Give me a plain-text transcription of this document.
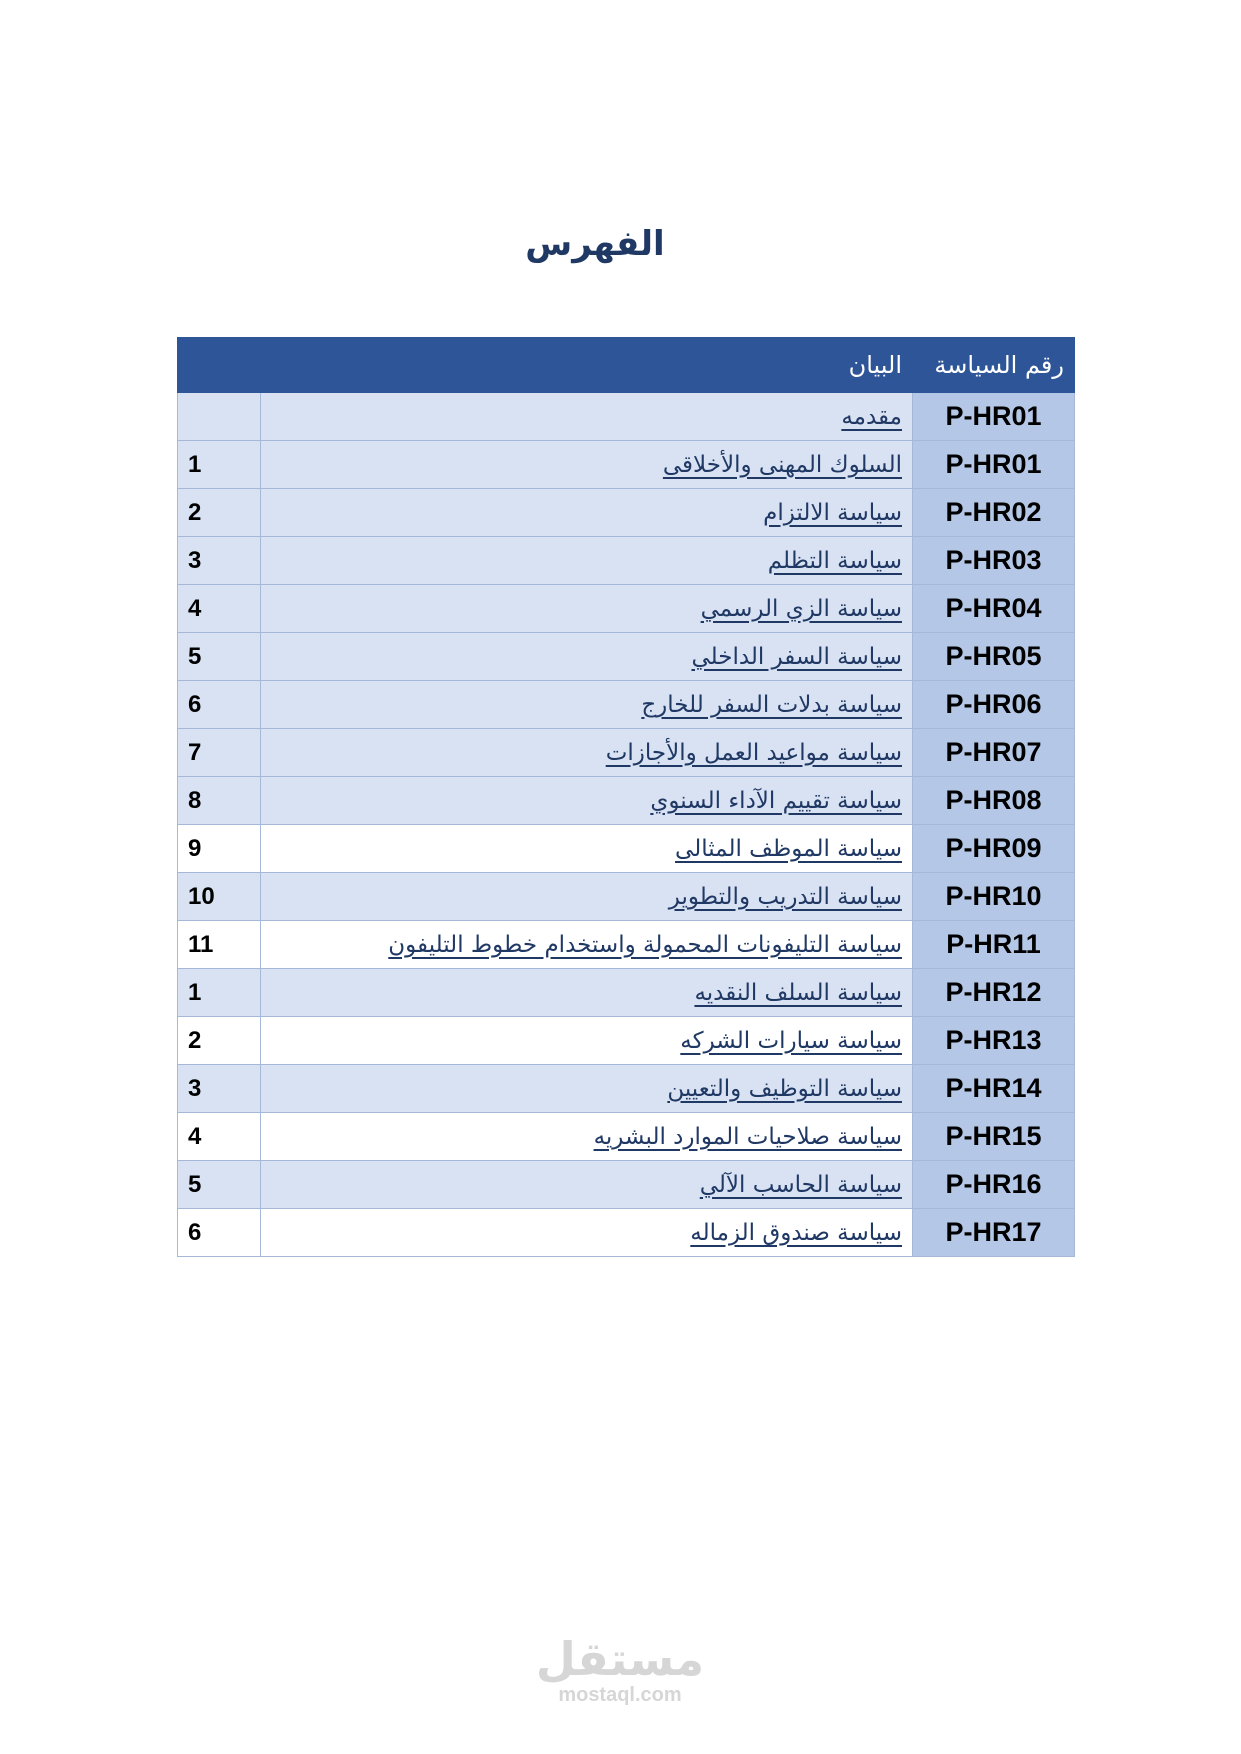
الفهرس
رقم السياسة	البيان	
P-HR01	مقدمه	
P-HR01	السلوك المهنى والأخلاقى	1
P-HR02	سياسة الالتزام	2
P-HR03	سياسة التظلم	3
P-HR04	سياسة الزي الرسمي	4
P-HR05	سياسة السفر الداخلي	5
P-HR06	سياسة بدلات السفر للخارج	6
P-HR07	سياسة مواعيد العمل والأجازات	7
P-HR08	سياسة تقييم الآداء السنوي	8
P-HR09	سياسة الموظف المثالى	9
P-HR10	سياسة التدريب والتطوير	10
P-HR11	سياسة التليفونات المحمولة واستخدام خطوط التليفون	11
P-HR12	سياسة السلف النقديه	1
P-HR13	سياسة سيارات الشركه	2
P-HR14	سياسة التوظيف والتعيين	3
P-HR15	سياسة صلاحيات الموارد البشريه	4
P-HR16	سياسة الحاسب الآلي	5
P-HR17	سياسة صندوق الزماله	6
مستقل
mostaql.com
